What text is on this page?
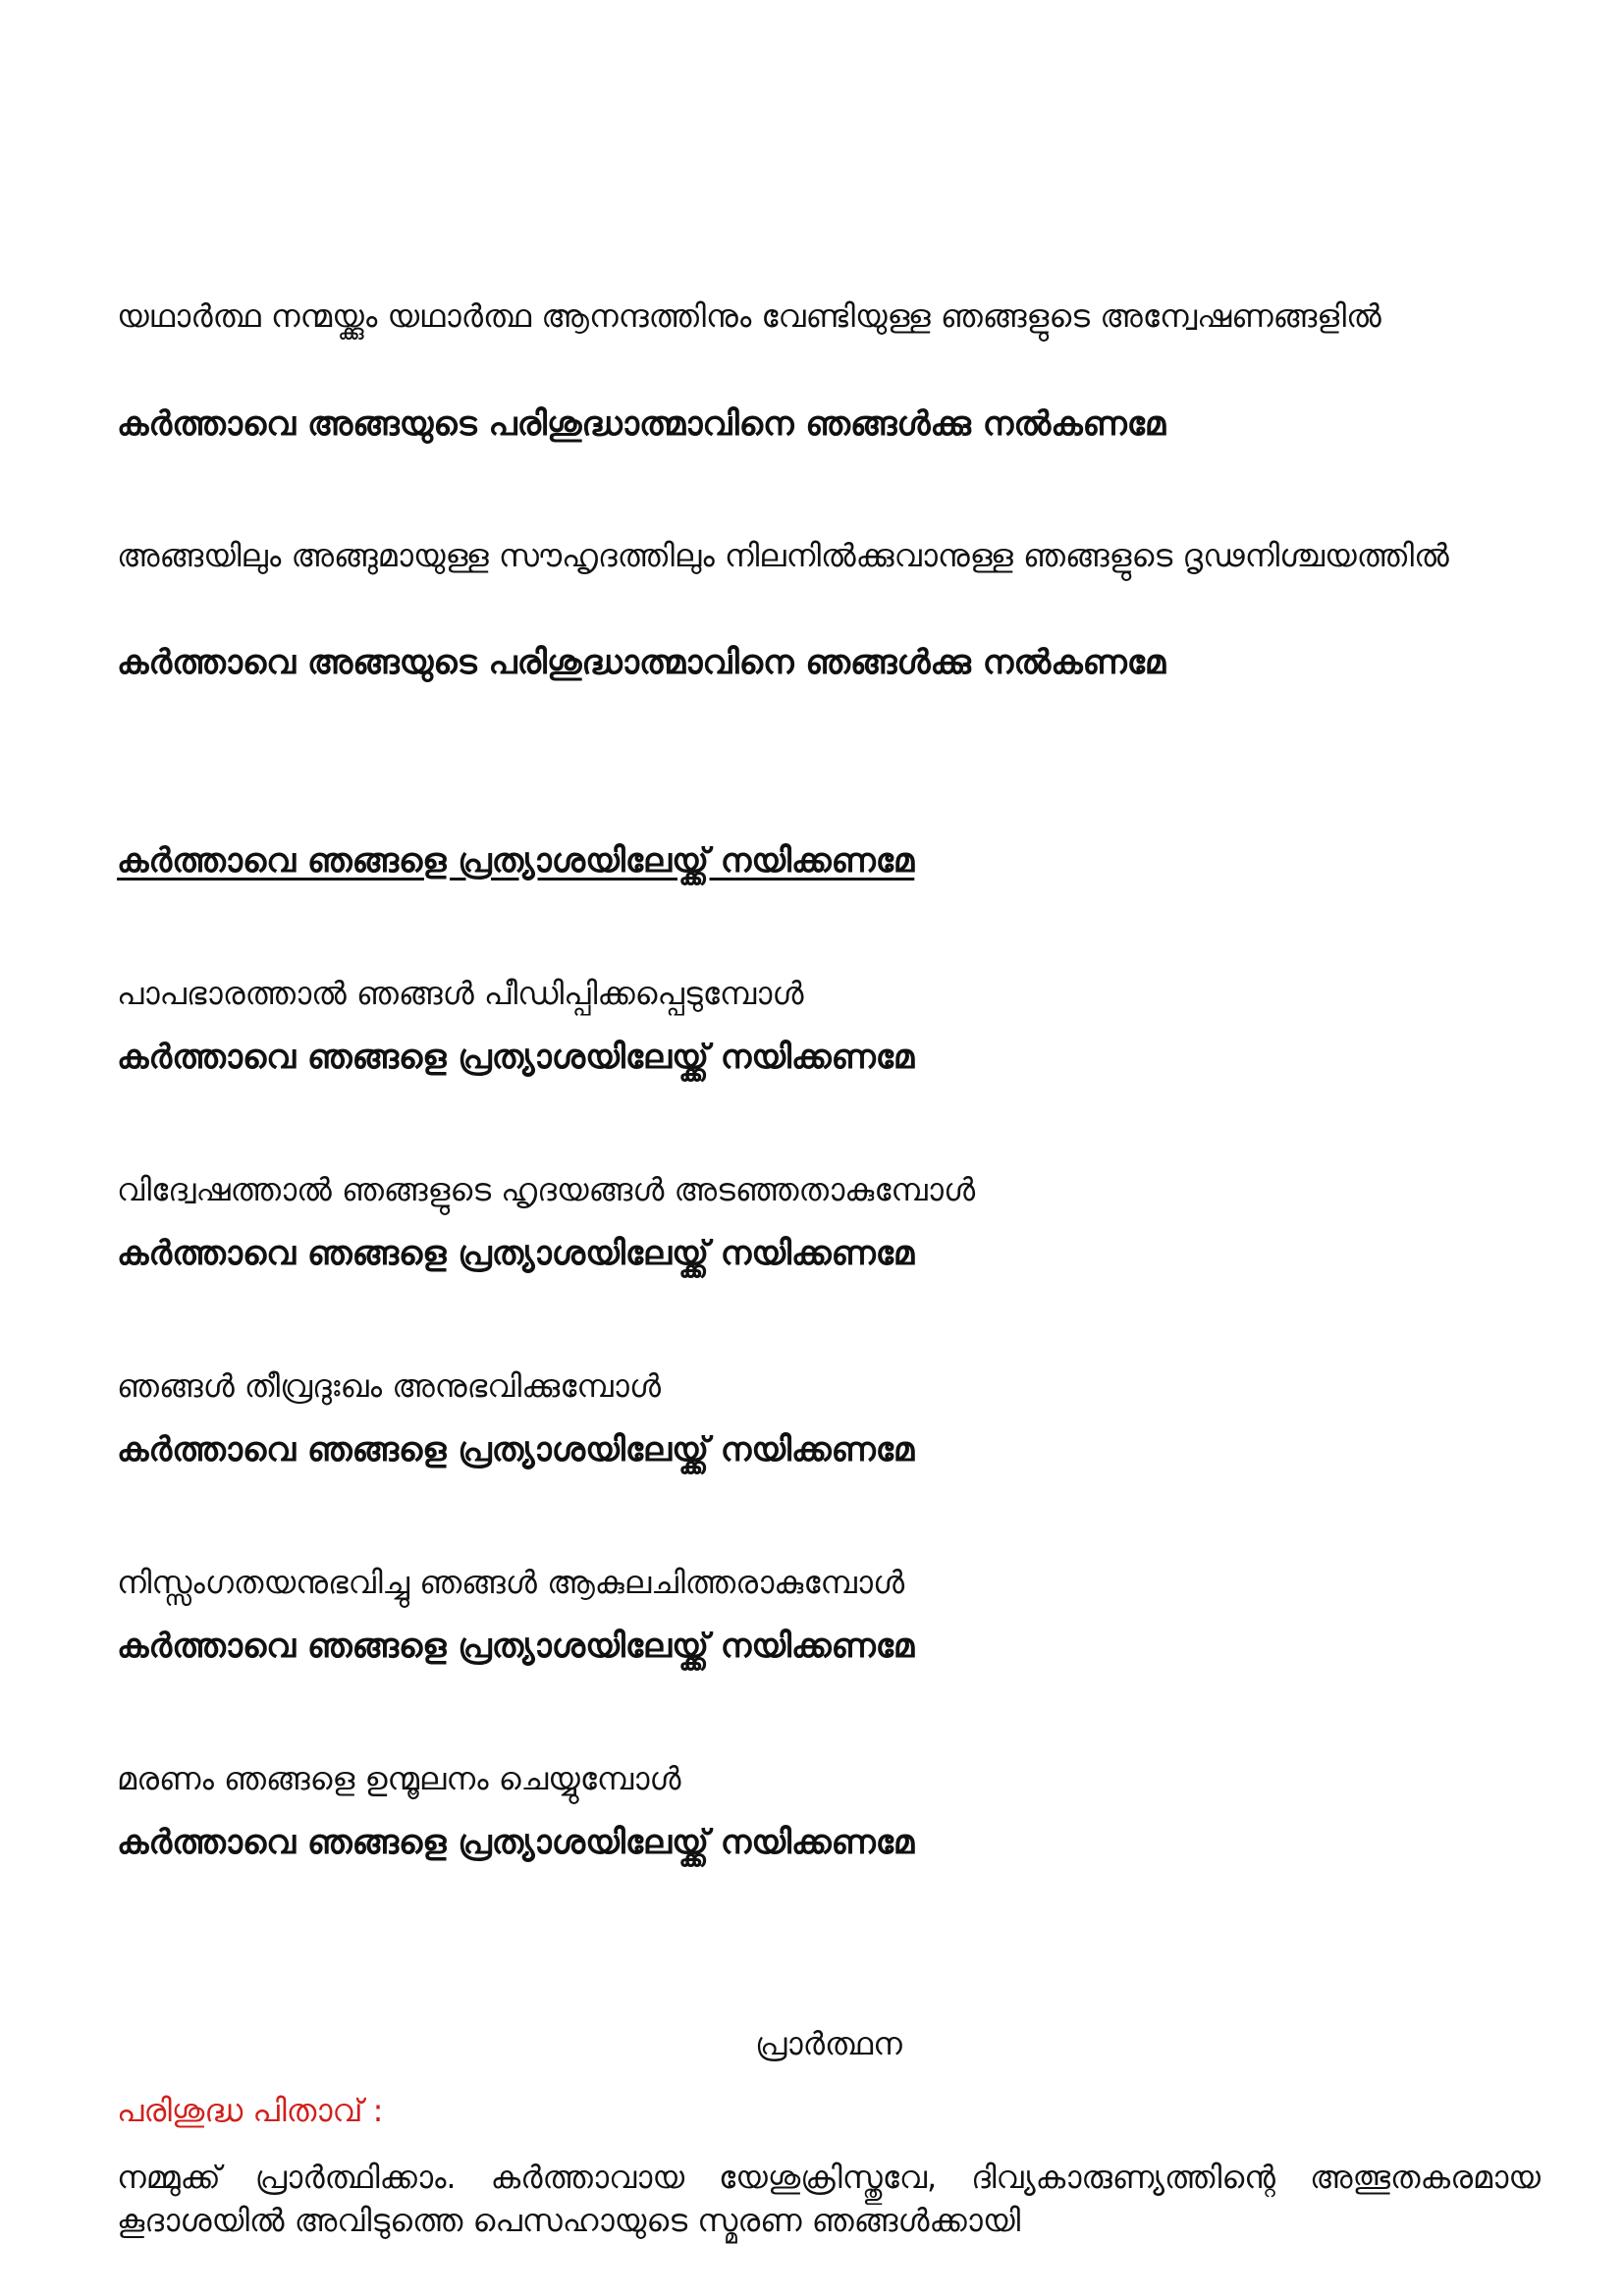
യഥാർത്ഥ നന്മയ്ക്കും യഥാർത്ഥ ആനന്ദത്തിനും വേണ്ടിയുള്ള ഞങ്ങളുടെ അന്വേഷണങ്ങളിൽ

കർത്താവെ അങ്ങയുടെ പരിശുദ്ധാത്മാവിനെ ഞങ്ങൾക്കു നൽകണമേ

അങ്ങയിലും അങ്ങുമായുള്ള സൗഹൃദത്തിലും നിലനിൽക്കുവാനുള്ള ഞങ്ങളുടെ ദൃഢനിശ്ചയത്തിൽ

കർത്താവെ അങ്ങയുടെ പരിശുദ്ധാത്മാവിനെ ഞങ്ങൾക്കു നൽകണമേ

കർത്താവെ ഞങ്ങളെ പ്രത്യാശയിലേയ്ക്ക് നയിക്കണമേ

പാപഭാരത്താൽ ഞങ്ങൾ പീഡിപ്പിക്കപ്പെടുമ്പോൾ

കർത്താവെ ഞങ്ങളെ പ്രത്യാശയിലേയ്ക്ക് നയിക്കണമേ

വിദ്വേഷത്താൽ ഞങ്ങളുടെ ഹൃദയങ്ങൾ അടഞ്ഞതാകുമ്പോൾ

കർത്താവെ ഞങ്ങളെ പ്രത്യാശയിലേയ്ക്ക് നയിക്കണമേ

ഞങ്ങൾ തീവ്രദുഃഖം അനുഭവിക്കുമ്പോൾ

കർത്താവെ ഞങ്ങളെ പ്രത്യാശയിലേയ്ക്ക് നയിക്കണമേ

നിസ്സംഗതയനുഭവിച്ചു ഞങ്ങൾ ആകുലചിത്തരാകുമ്പോൾ

കർത്താവെ ഞങ്ങളെ പ്രത്യാശയിലേയ്ക്ക് നയിക്കണമേ

മരണം ഞങ്ങളെ ഉന്മൂലനം ചെയ്യുമ്പോൾ

കർത്താവെ ഞങ്ങളെ പ്രത്യാശയിലേയ്ക്ക് നയിക്കണമേ

പ്രാർത്ഥന

പരിശുദ്ധ പിതാവ് :

നമ്മുക്ക് പ്രാർത്ഥിക്കാം. കർത്താവായ യേശുക്രിസ്തുവേ, ദിവ്യകാരുണ്യത്തിന്റെ അത്ഭുതകരമായ കൂദാശയിൽ അവിടുത്തെ പെസഹായുടെ സ്മരണ ഞങ്ങൾക്കായി
